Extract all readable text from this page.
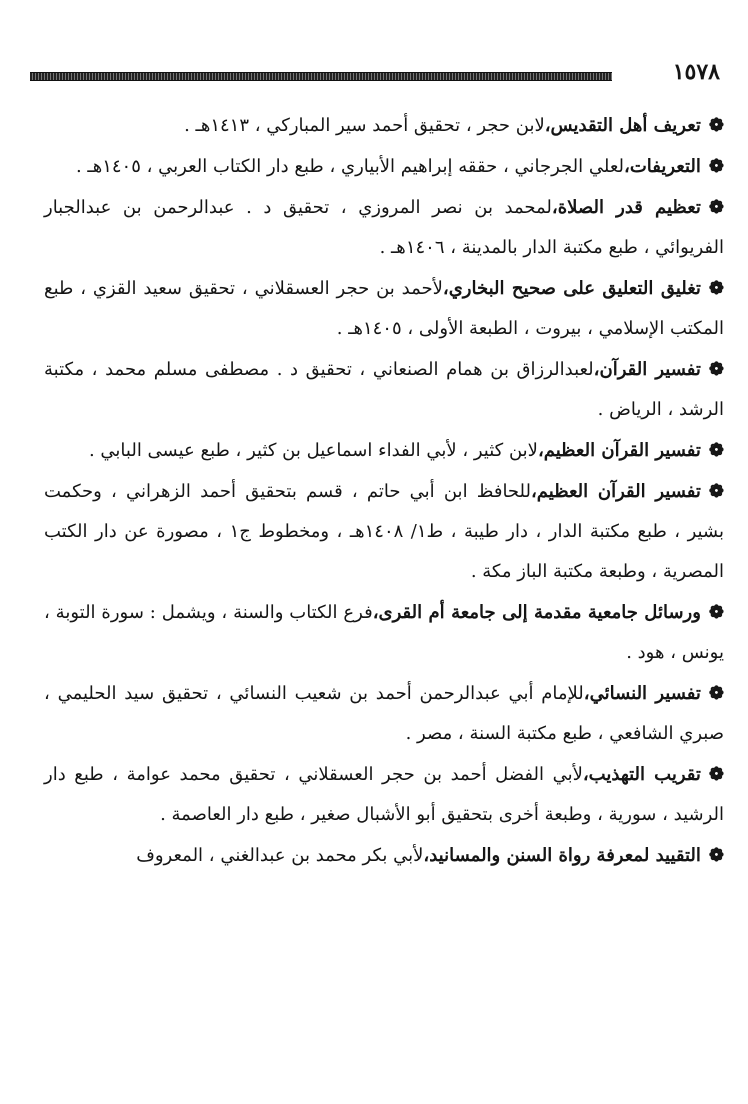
١٥٧٨

❁تعريف أهل التقديس،لابن حجر ، تحقيق أحمد سير المباركي ، ١٤١٣هـ .

❁التعريفات،لعلي الجرجاني ، حققه إبراهيم الأبياري ، طبع دار الكتاب العربي ، ١٤٠٥هـ .

❁تعظيم قدر الصلاة،لمحمد بن نصر المروزي ، تحقيق د . عبدالرحمن بن عبدالجبار الفريوائي ، طبع مكتبة الدار بالمدينة ، ١٤٠٦هـ .

❁تغليق التعليق على صحيح البخاري،لأحمد بن حجر العسقلاني ، تحقيق سعيد القزي ، طبع المكتب الإسلامي ، بيروت ، الطبعة الأولى ، ١٤٠٥هـ .

❁تفسير القرآن،لعبدالرزاق بن همام الصنعاني ، تحقيق د . مصطفى مسلم محمد ، مكتبة الرشد ، الرياض .

❁تفسير القرآن العظيم،لابن كثير ، لأبي الفداء اسماعيل بن كثير ، طبع عيسى البابي .

❁تفسير القرآن العظيم،للحافظ ابن أبي حاتم ، قسم بتحقيق أحمد الزهراني ، وحكمت بشير ، طبع مكتبة الدار ، دار طيبة ، ط١/ ١٤٠٨هـ ، ومخطوط ج١ ، مصورة عن دار الكتب المصرية ، وطبعة مكتبة الباز مكة .

❁ورسائل جامعية مقدمة إلى جامعة أم القرى،فرع الكتاب والسنة ، ويشمل : سورة التوبة ، يونس ، هود .

❁تفسير النسائي،للإمام أبي عبدالرحمن أحمد بن شعيب النسائي ، تحقيق سيد الحليمي ، صبري الشافعي ، طبع مكتبة السنة ، مصر .

❁تقريب التهذيب،لأبي الفضل أحمد بن حجر العسقلاني ، تحقيق محمد عوامة ، طبع دار الرشيد ، سورية ، وطبعة أخرى بتحقيق أبو الأشبال صغير ، طبع دار العاصمة .

❁التقييد لمعرفة رواة السنن والمسانيد،لأبي بكر محمد بن عبدالغني ، المعروف
